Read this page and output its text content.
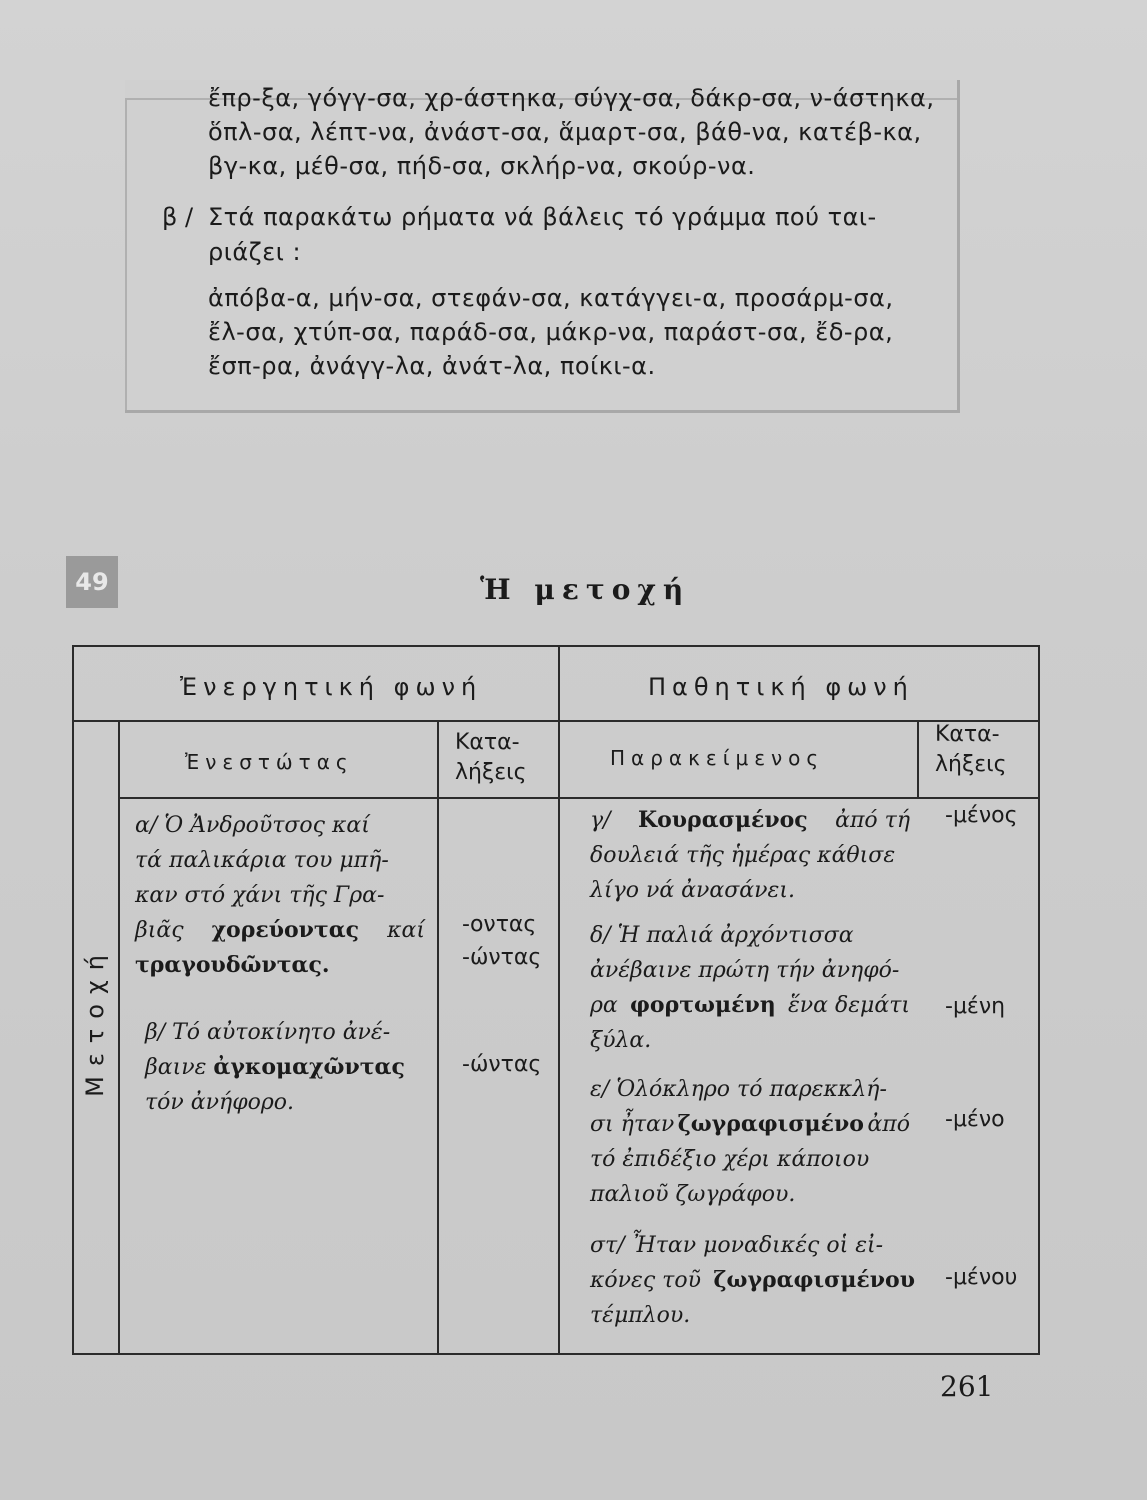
ἔπρ-ξα, γόγγ-σα, χρ-άστηκα, σύγχ-σα, δάκρ-σα, ν-άστηκα,
ὅπλ-σα, λέπτ-να, ἀνάστ-σα, ἅμαρτ-σα, βάθ-να, κατέβ-κα,
βγ-κα, μέθ-σα, πήδ-σα, σκλήρ-να, σκούρ-να.
β / Στά παρακάτω ρήματα νά βάλεις τό γράμμα πού ται-
ριάζει :
ἀπόβα-α, μήν-σα, στεφάν-σα, κατάγγει-α, προσάρμ-σα,
ἔλ-σα, χτύπ-σα, παράδ-σα, μάκρ-να, παράστ-σα, ἔδ-ρα,
ἔσπ-ρα, ἀνάγγ-λα, ἀνάτ-λα, ποίκι-α.
49	Ἡ μετοχή
Ἐνεργητική φωνή	Παθητική φωνή
Ἐνεστώτας
Κατα-
λήξεις
Παρακείμενος
Κατα-
λήξεις
Μετοχή
α/ Ὁ Ἀνδροῦτσος καί
τά παλικάρια του μπῆ-
καν στό χάνι τῆς Γρα-
βιᾶς χορεύοντας καί
τραγουδῶντας.
β/ Τό αὐτοκίνητο ἀνέ-
βαινε ἀγκομαχῶντας
τόν ἀνήφορο.
-οντας
-ώντας
-ώντας
γ/ Κουρασμένος ἀπό τή
δουλειά τῆς ἡμέρας κάθισε
λίγο νά ἀνασάνει.
δ/ Ἡ παλιά ἀρχόντισσα
ἀνέβαινε πρώτη τήν ἀνηφό-
ρα φορτωμένη ἕνα δεμάτι
ξύλα.
ε/ Ὁλόκληρο τό παρεκκλή-
σι ἦταν ζωγραφισμένο ἀπό
τό ἐπιδέξιο χέρι κάποιου
παλιοῦ ζωγράφου.
στ/ Ἦταν μοναδικές οἱ εἰ-
κόνες τοῦ ζωγραφισμένου
τέμπλου.
-μένος
-μένη
-μένο
-μένου
261
